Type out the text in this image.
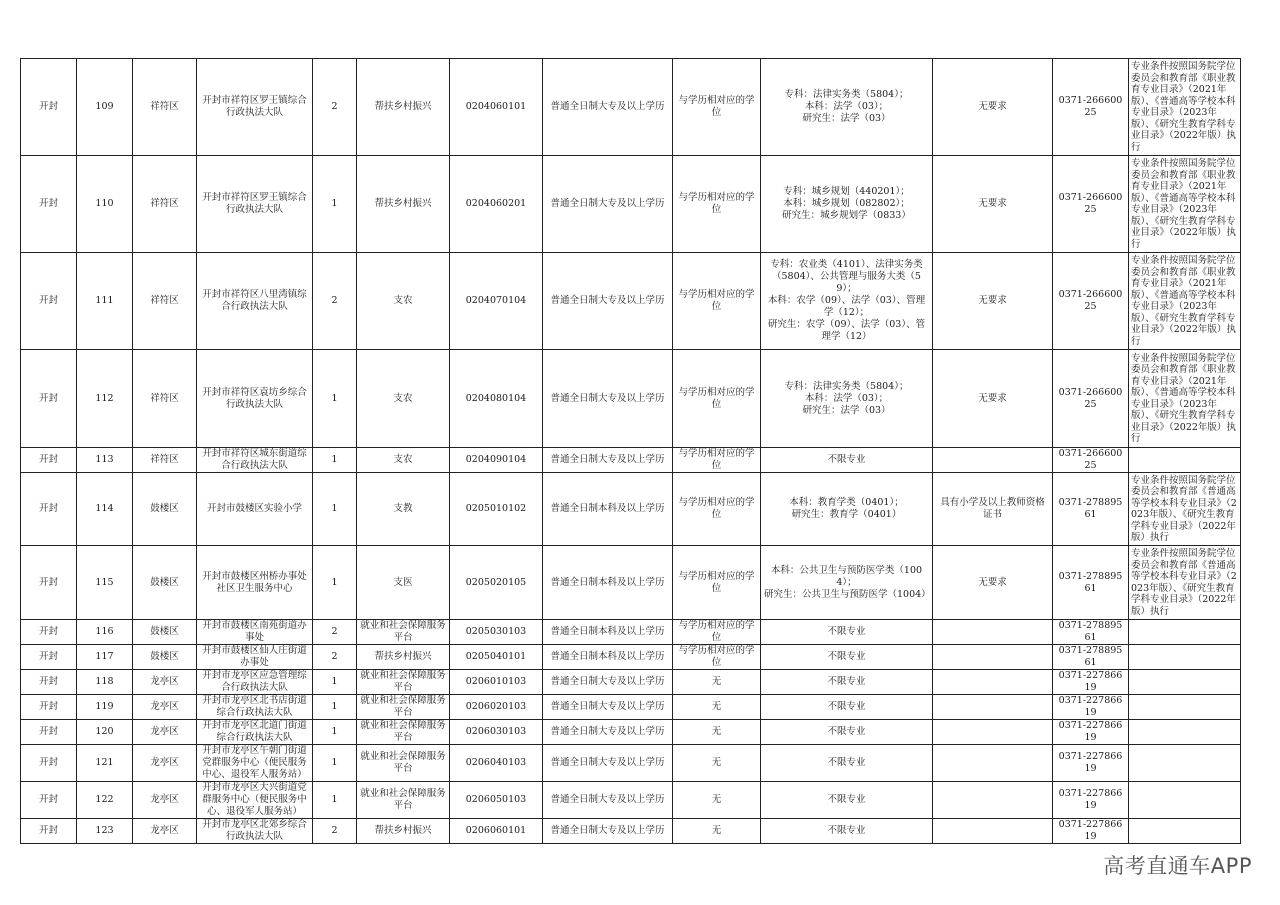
开封	109	祥符区	开封市祥符区罗王镇综合行政执法大队	2	帮扶乡村振兴	0204060101	普通全日制大专及以上学历	与学历相对应的学位	专科：法律实务类（5804）；
本科：法学（03）；
研究生：法学（03）	无要求	0371-26660025	专业条件按照国务院学位委员会和教育部《职业教育专业目录》（2021年版）、《普通高等学校本科专业目录》（2023年版）、《研究生教育学科专业目录》（2022年版）执行
开封	110	祥符区	开封市祥符区罗王镇综合行政执法大队	1	帮扶乡村振兴	0204060201	普通全日制大专及以上学历	与学历相对应的学位	专科：城乡规划（440201）；
本科：城乡规划（082802）；
研究生：城乡规划学（0833）	无要求	0371-26660025	专业条件按照国务院学位委员会和教育部《职业教育专业目录》（2021年版）、《普通高等学校本科专业目录》（2023年版）、《研究生教育学科专业目录》（2022年版）执行
开封	111	祥符区	开封市祥符区八里湾镇综合行政执法大队	2	支农	0204070104	普通全日制大专及以上学历	与学历相对应的学位	专科：农业类（4101）、法律实务类（5804）、公共管理与服务大类（59）；
本科：农学（09）、法学（03）、管理学（12）；
研究生：农学（09）、法学（03）、管理学（12）	无要求	0371-26660025	专业条件按照国务院学位委员会和教育部《职业教育专业目录》（2021年版）、《普通高等学校本科专业目录》（2023年版）、《研究生教育学科专业目录》（2022年版）执行
开封	112	祥符区	开封市祥符区袁坊乡综合行政执法大队	1	支农	0204080104	普通全日制大专及以上学历	与学历相对应的学位	专科：法律实务类（5804）；
本科：法学（03）；
研究生：法学（03）	无要求	0371-26660025	专业条件按照国务院学位委员会和教育部《职业教育专业目录》（2021年版）、《普通高等学校本科专业目录》（2023年版）、《研究生教育学科专业目录》（2022年版）执行
开封	113	祥符区	开封市祥符区城东街道综合行政执法大队	1	支农	0204090104	普通全日制大专及以上学历	与学历相对应的学位	不限专业		0371-26660025	
开封	114	鼓楼区	开封市鼓楼区实验小学	1	支教	0205010102	普通全日制本科及以上学历	与学历相对应的学位	本科：教育学类（0401）；
研究生：教育学（0401）	具有小学及以上教师资格证书	0371-27889561	专业条件按照国务院学位委员会和教育部《普通高等学校本科专业目录》（2023年版）、《研究生教育学科专业目录》（2022年版）执行
开封	115	鼓楼区	开封市鼓楼区州桥办事处社区卫生服务中心	1	支医	0205020105	普通全日制本科及以上学历	与学历相对应的学位	本科：公共卫生与预防医学类（1004）；
研究生：公共卫生与预防医学（1004）	无要求	0371-27889561	专业条件按照国务院学位委员会和教育部《普通高等学校本科专业目录》（2023年版）、《研究生教育学科专业目录》（2022年版）执行
开封	116	鼓楼区	开封市鼓楼区南苑街道办事处	2	就业和社会保障服务平台	0205030103	普通全日制本科及以上学历	与学历相对应的学位	不限专业		0371-27889561	
开封	117	鼓楼区	开封市鼓楼区仙人庄街道办事处	2	帮扶乡村振兴	0205040101	普通全日制本科及以上学历	与学历相对应的学位	不限专业		0371-27889561	
开封	118	龙亭区	开封市龙亭区应急管理综合行政执法大队	1	就业和社会保障服务平台	0206010103	普通全日制大专及以上学历	无	不限专业		0371-22786619	
开封	119	龙亭区	开封市龙亭区北书店街道综合行政执法大队	1	就业和社会保障服务平台	0206020103	普通全日制大专及以上学历	无	不限专业		0371-22786619	
开封	120	龙亭区	开封市龙亭区北道门街道综合行政执法大队	1	就业和社会保障服务平台	0206030103	普通全日制大专及以上学历	无	不限专业		0371-22786619	
开封	121	龙亭区	开封市龙亭区午朝门街道党群服务中心（便民服务中心、退役军人服务站）	1	就业和社会保障服务平台	0206040103	普通全日制大专及以上学历	无	不限专业		0371-22786619	
开封	122	龙亭区	开封市龙亭区大兴街道党群服务中心（便民服务中心、退役军人服务站）	1	就业和社会保障服务平台	0206050103	普通全日制大专及以上学历	无	不限专业		0371-22786619	
开封	123	龙亭区	开封市龙亭区北郊乡综合行政执法大队	2	帮扶乡村振兴	0206060101	普通全日制大专及以上学历	无	不限专业		0371-22786619	
高考直通车APP
